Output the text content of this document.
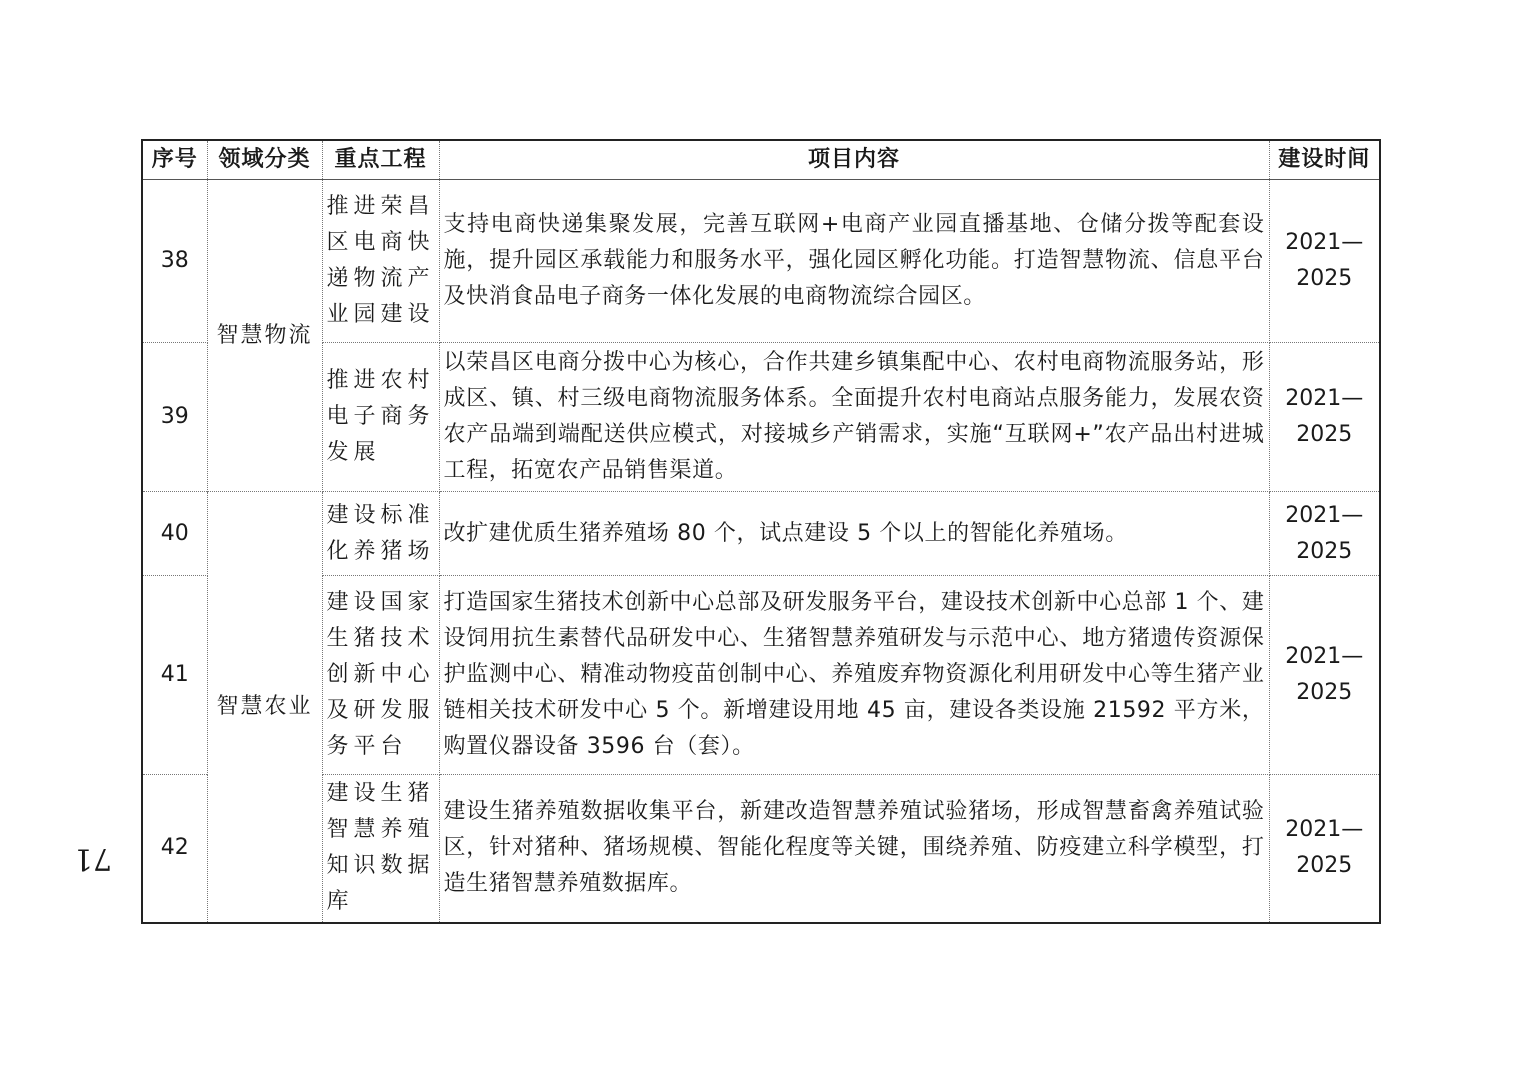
序号	领域分类	重点工程	项目内容	建设时间
38	智慧物流	推进荣昌区电商快递物流产业园建设	支持电商快递集聚发展，完善互联网+电商产业园直播基地、仓储分拨等配套设施，提升园区承载能力和服务水平，强化园区孵化功能。打造智慧物流、信息平台及快消食品电子商务一体化发展的电商物流综合园区。	2021—
2025
39		推进农村电子商务发展	以荣昌区电商分拨中心为核心，合作共建乡镇集配中心、农村电商物流服务站，形成区、镇、村三级电商物流服务体系。全面提升农村电商站点服务能力，发展农资农产品端到端配送供应模式，对接城乡产销需求，实施“互联网+”农产品出村进城工程，拓宽农产品销售渠道。	2021—
2025
40	智慧农业	建设标准化养猪场	改扩建优质生猪养殖场 80 个，试点建设 5 个以上的智能化养殖场。	2021—
2025
41		建设国家生猪技术创新中心及研发服务平台	打造国家生猪技术创新中心总部及研发服务平台，建设技术创新中心总部 1 个、建设饲用抗生素替代品研发中心、生猪智慧养殖研发与示范中心、地方猪遗传资源保护监测中心、精准动物疫苗创制中心、养殖废弃物资源化利用研发中心等生猪产业链相关技术研发中心 5 个。新增建设用地 45 亩，建设各类设施 21592 平方米，购置仪器设备 3596 台（套）。	2021—
2025
42		建设生猪智慧养殖知识数据库	建设生猪养殖数据收集平台，新建改造智慧养殖试验猪场，形成智慧畜禽养殖试验区，针对猪种、猪场规模、智能化程度等关键，围绕养殖、防疫建立科学模型，打造生猪智慧养殖数据库。	2021—
2025
71
